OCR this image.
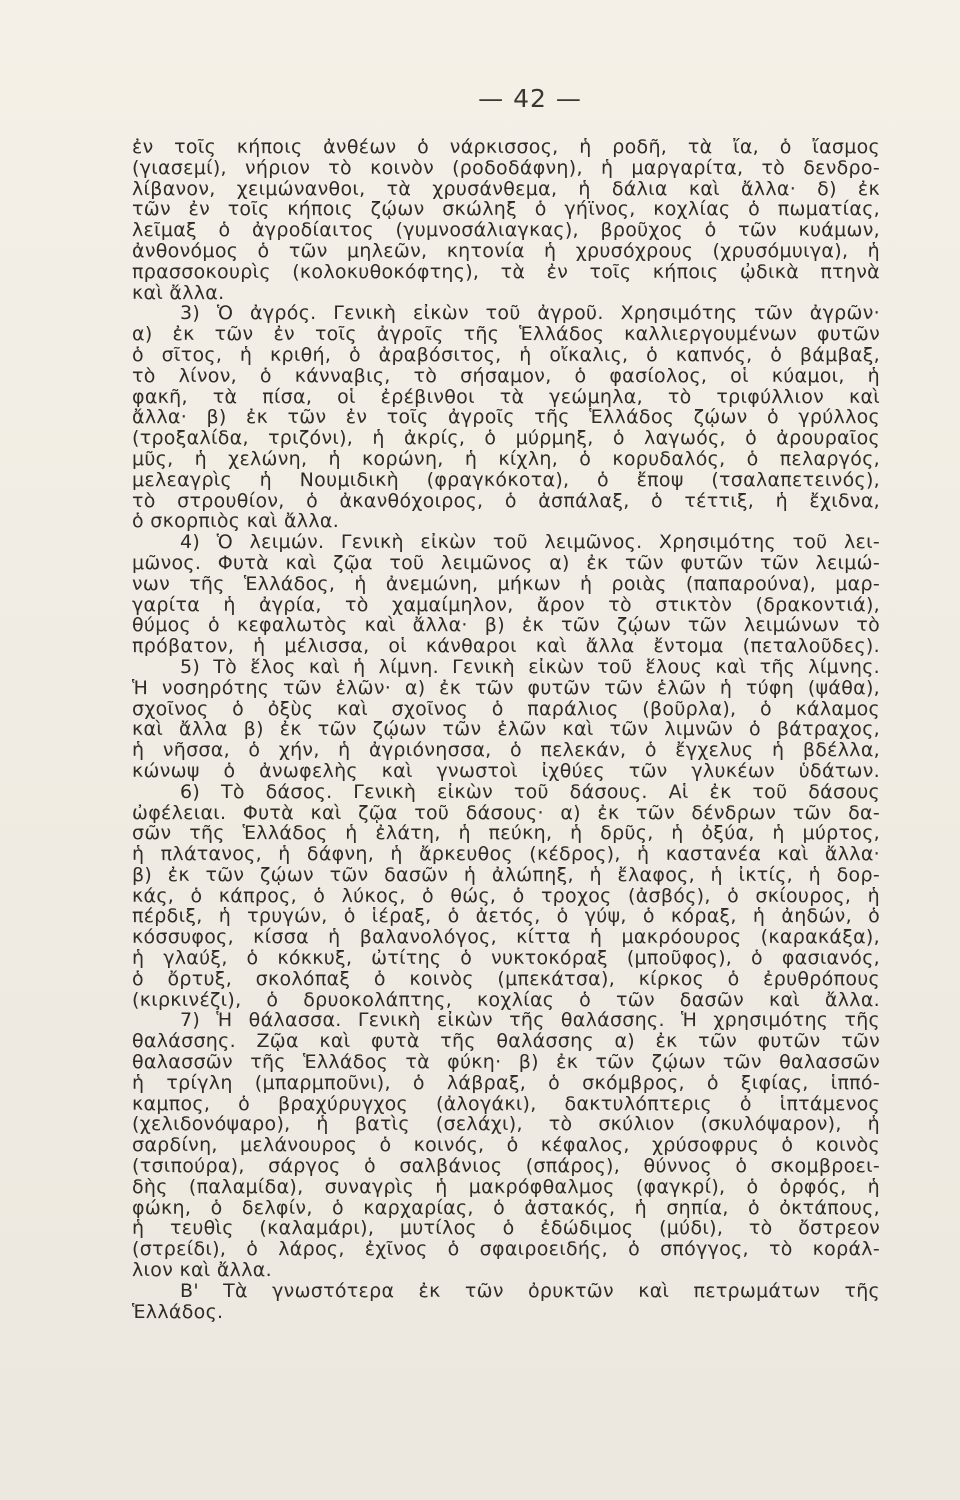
— 42 —
ἐν τοῖς κήποις ἀνθέων ὁ νάρκισσος, ἡ ροδῆ, τὰ ἴα, ὁ ἴασμος
(γιασεμί), νήριον τὸ κοινὸν (ροδοδάφνη), ἡ μαργαρίτα, τὸ δενδρο-
λίβανον, χειμώνανθοι, τὰ χρυσάνθεμα, ἡ δάλια καὶ ἄλλα· δ) ἐκ
τῶν ἐν τοῖς κήποις ζῴων σκώληξ ὁ γήϊνος, κοχλίας ὁ πωματίας,
λεῖμαξ ὁ ἀγροδίαιτος (γυμνοσάλιαγκας), βροῦχος ὁ τῶν κυάμων,
ἀνθονόμος ὁ τῶν μηλεῶν, κητονία ἡ χρυσόχρους (χρυσόμυιγα), ἡ
πρασσοκουρὶς (κολοκυθοκόφτης), τὰ ἐν τοῖς κήποις ᾠδικὰ πτηνὰ
καὶ ἄλλα.
3) Ὁ ἀγρός. Γενικὴ εἰκὼν τοῦ ἀγροῦ. Χρησιμότης τῶν ἀγρῶν·
α) ἐκ τῶν ἐν τοῖς ἀγροῖς τῆς Ἑλλάδος καλλιεργουμένων φυτῶν
ὁ σῖτος, ἡ κριθή, ὁ ἀραβόσιτος, ἡ οἴκαλις, ὁ καπνός, ὁ βάμβαξ,
τὸ λίνον, ὁ κάνναβις, τὸ σήσαμον, ὁ φασίολος, οἱ κύαμοι, ἡ
φακῆ, τὰ πίσα, οἱ ἐρέβινθοι τὰ γεώμηλα, τὸ τριφύλλιον καὶ
ἄλλα· β) ἐκ τῶν ἐν τοῖς ἀγροῖς τῆς Ἑλλάδος ζῴων ὁ γρύλλος
(τροξαλίδα, τριζόνι), ἡ ἀκρίς, ὁ μύρμηξ, ὁ λαγωός, ὁ ἀρουραῖος
μῦς, ἡ χελώνη, ἡ κορώνη, ἡ κίχλη, ὁ κορυδαλός, ὁ πελαργός,
μελεαγρὶς ἡ Νουμιδικὴ (φραγκόκοτα), ὁ ἔποψ (τσαλαπετεινός),
τὸ στρουθίον, ὁ ἀκανθόχοιρος, ὁ ἀσπάλαξ, ὁ τέττιξ, ἡ ἔχιδνα,
ὁ σκορπιὸς καὶ ἄλλα.
4) Ὁ λειμών. Γενικὴ εἰκὼν τοῦ λειμῶνος. Χρησιμότης τοῦ λει-
μῶνος. Φυτὰ καὶ ζῷα τοῦ λειμῶνος α) ἐκ τῶν φυτῶν τῶν λειμώ-
νων τῆς Ἑλλάδος, ἡ ἀνεμώνη, μήκων ἡ ροιὰς (παπαρούνα), μαρ-
γαρίτα ἡ ἀγρία, τὸ χαμαίμηλον, ἄρον τὸ στικτὸν (δρακοντιά),
θύμος ὁ κεφαλωτὸς καὶ ἄλλα· β) ἐκ τῶν ζῴων τῶν λειμώνων τὸ
πρόβατον, ἡ μέλισσα, οἱ κάνθαροι καὶ ἄλλα ἔντομα (πεταλοῦδες).
5) Τὸ ἕλος καὶ ἡ λίμνη. Γενικὴ εἰκὼν τοῦ ἕλους καὶ τῆς λίμνης.
Ἡ νοσηρότης τῶν ἑλῶν· α) ἐκ τῶν φυτῶν τῶν ἑλῶν ἡ τύφη (ψάθα),
σχοῖνος ὁ ὀξὺς καὶ σχοῖνος ὁ παράλιος (βοῦρλα), ὁ κάλαμος
καὶ ἄλλα β) ἐκ τῶν ζῴων τῶν ἑλῶν καὶ τῶν λιμνῶν ὁ βάτραχος,
ἡ νῆσσα, ὁ χήν, ἡ ἀγριόνησσα, ὁ πελεκάν, ὁ ἔγχελυς ἡ βδέλλα,
κώνωψ ὁ ἀνωφελὴς καὶ γνωστοὶ ἰχθύες τῶν γλυκέων ὑδάτων.
6) Τὸ δάσος. Γενικὴ εἰκὼν τοῦ δάσους. Αἱ ἐκ τοῦ δάσους
ὠφέλειαι. Φυτὰ καὶ ζῷα τοῦ δάσους· α) ἐκ τῶν δένδρων τῶν δα-
σῶν τῆς Ἑλλάδος ἡ ἐλάτη, ἡ πεύκη, ἡ δρῦς, ἡ ὀξύα, ἡ μύρτος,
ἡ πλάτανος, ἡ δάφνη, ἡ ἄρκευθος (κέδρος), ἡ καστανέα καὶ ἄλλα·
β) ἐκ τῶν ζῴων τῶν δασῶν ἡ ἀλώπηξ, ἡ ἔλαφος, ἡ ἰκτίς, ἡ δορ-
κάς, ὁ κάπρος, ὁ λύκος, ὁ θώς, ὁ τροχος (ἀσβός), ὁ σκίουρος, ἡ
πέρδιξ, ἡ τρυγών, ὁ ἱέραξ, ὁ ἀετός, ὁ γύψ, ὁ κόραξ, ἡ ἀηδών, ὁ
κόσσυφος, κίσσα ἡ βαλανολόγος, κίττα ἡ μακρόουρος (καρακάξα),
ἡ γλαύξ, ὁ κόκκυξ, ὠτίτης ὁ νυκτοκόραξ (μποῦφος), ὁ φασιανός,
ὁ ὄρτυξ, σκολόπαξ ὁ κοινὸς (μπεκάτσα), κίρκος ὁ ἐρυθρόπους
(κιρκινέζι), ὁ δρυοκολάπτης, κοχλίας ὁ τῶν δασῶν καὶ ἄλλα.
7) Ἡ θάλασσα. Γενικὴ εἰκὼν τῆς θαλάσσης. Ἡ χρησιμότης τῆς
θαλάσσης. Ζῷα καὶ φυτὰ τῆς θαλάσσης α) ἐκ τῶν φυτῶν τῶν
θαλασσῶν τῆς Ἑλλάδος τὰ φύκη· β) ἐκ τῶν ζῴων τῶν θαλασσῶν
ἡ τρίγλη (μπαρμποῦνι), ὁ λάβραξ, ὁ σκόμβρος, ὁ ξιφίας, ἱππό-
καμπος, ὁ βραχύρυγχος (ἀλογάκι), δακτυλόπτερις ὁ ἱπτάμενος
(χελιδονόψαρο), ἡ βατὶς (σελάχι), τὸ σκύλιον (σκυλόψαρον), ἡ
σαρδίνη, μελάνουρος ὁ κοινός, ὁ κέφαλος, χρύσοφρυς ὁ κοινὸς
(τσιπούρα), σάργος ὁ σαλβάνιος (σπάρος), θύννος ὁ σκομβροει-
δὴς (παλαμίδα), συναγρὶς ἡ μακρόφθαλμος (φαγκρί), ὁ ὀρφός, ἡ
φώκη, ὁ δελφίν, ὁ καρχαρίας, ὁ ἀστακός, ἡ σηπία, ὁ ὀκτάπους,
ἡ τευθὶς (καλαμάρι), μυτίλος ὁ ἐδώδιμος (μύδι), τὸ ὄστρεον
(στρείδι), ὁ λάρος, ἐχῖνος ὁ σφαιροειδής, ὁ σπόγγος, τὸ κοράλ-
λιον καὶ ἄλλα.
Β' Τὰ γνωστότερα ἐκ τῶν ὀρυκτῶν καὶ πετρωμάτων τῆς
Ἑλλάδος.
